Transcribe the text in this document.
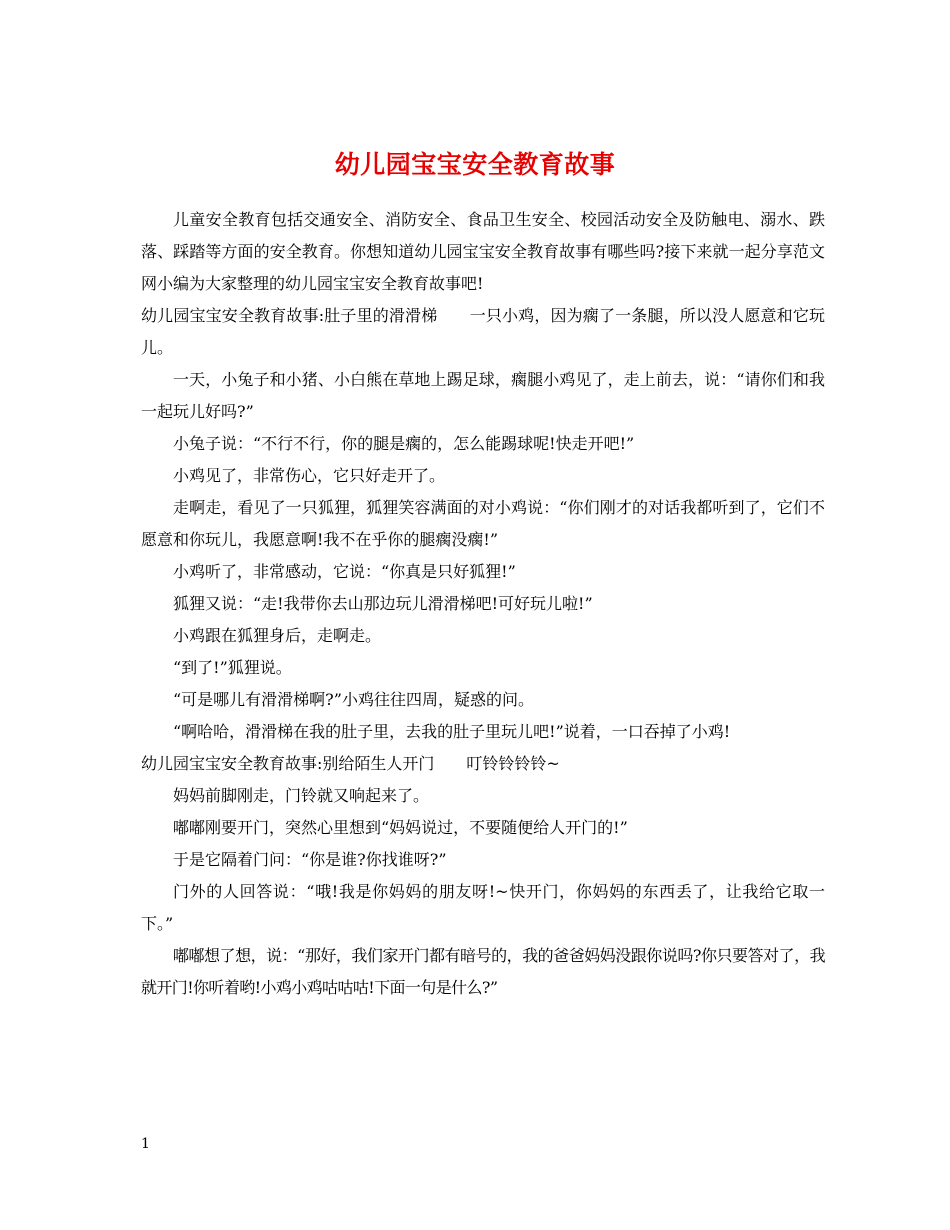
幼儿园宝宝安全教育故事

儿童安全教育包括交通安全、消防安全、食品卫生安全、校园活动安全及防触电、溺水、跌落、踩踏等方面的安全教育。你想知道幼儿园宝宝安全教育故事有哪些吗?接下来就一起分享范文网小编为大家整理的幼儿园宝宝安全教育故事吧!

幼儿园宝宝安全教育故事:肚子里的滑滑梯　　一只小鸡，因为瘸了一条腿，所以没人愿意和它玩儿。

一天，小兔子和小猪、小白熊在草地上踢足球，瘸腿小鸡见了，走上前去，说：“请你们和我一起玩儿好吗?”

小兔子说：“不行不行，你的腿是瘸的，怎么能踢球呢!快走开吧!”

小鸡见了，非常伤心，它只好走开了。

走啊走，看见了一只狐狸，狐狸笑容满面的对小鸡说：“你们刚才的对话我都听到了，它们不愿意和你玩儿，我愿意啊!我不在乎你的腿瘸没瘸!”

小鸡听了，非常感动，它说：“你真是只好狐狸!”

狐狸又说：“走!我带你去山那边玩儿滑滑梯吧!可好玩儿啦!”

小鸡跟在狐狸身后，走啊走。

“到了!”狐狸说。

“可是哪儿有滑滑梯啊?”小鸡往往四周，疑惑的问。

“啊哈哈，滑滑梯在我的肚子里，去我的肚子里玩儿吧!”说着，一口吞掉了小鸡!

幼儿园宝宝安全教育故事:别给陌生人开门　　叮铃铃铃铃~

妈妈前脚刚走，门铃就又响起来了。

嘟嘟刚要开门，突然心里想到“妈妈说过，不要随便给人开门的!”

于是它隔着门问：“你是谁?你找谁呀?”

门外的人回答说：“哦!我是你妈妈的朋友呀!~快开门，你妈妈的东西丢了，让我给它取一下。”

嘟嘟想了想，说：“那好，我们家开门都有暗号的，我的爸爸妈妈没跟你说吗?你只要答对了，我就开门!你听着哟!小鸡小鸡咕咕咕!下面一句是什么?”

1
